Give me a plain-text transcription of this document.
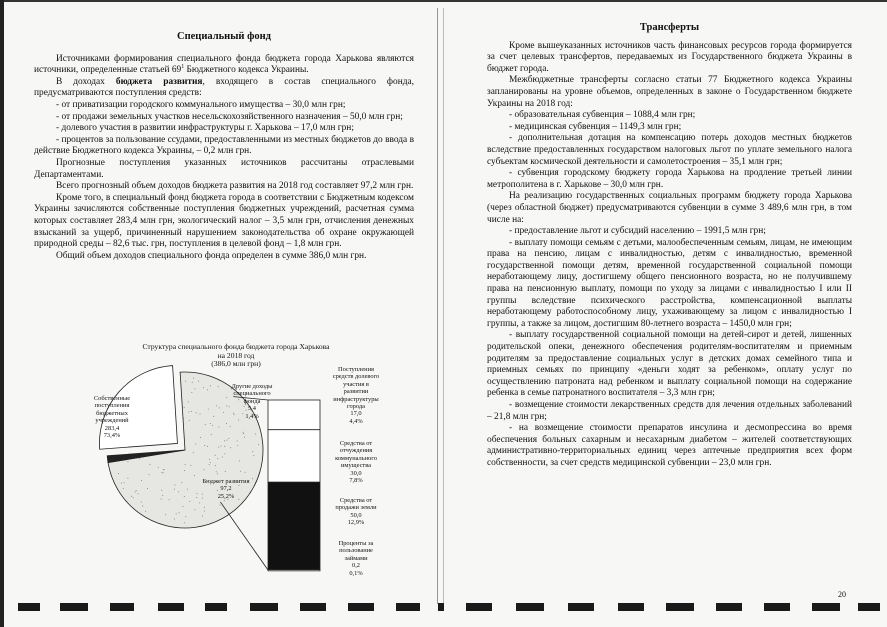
Специальный фонд

Источниками формирования специального фонда бюджета города Харькова являются источники, определенные статьей $69^1$ Бюджетного кодекса Украины.

В доходах бюджета развития, входящего в состав специального фонда, предусматриваются поступления средств:

- от приватизации городского коммунального имущества – 30,0 млн грн;

- от продажи земельных участков несельскохозяйственного назначения – 50,0 млн грн;

- долевого участия в развитии инфраструктуры г. Харькова – 17,0 млн грн;

- процентов за пользование ссудами, предоставленными из местных бюджетов до ввода в действие Бюджетного кодекса Украины, – 0,2 млн грн.

Прогнозные поступления указанных источников рассчитаны отраслевыми Департаментами.

Всего прогнозный объем доходов бюджета развития на 2018 год составляет 97,2 млн грн.

Кроме того, в специальный фонд бюджета города в соответствии с Бюджетным кодексом Украины зачисляются собственные поступления бюджетных учреждений, расчетная сумма которых составляет 283,4 млн грн, экологический налог – 3,5 млн грн, отчисления денежных взысканий за ущерб, причиненный нарушением законодательства об охране окружающей природной среды – 82,6 тыс. грн, поступления в целевой фонд – 1,8 млн грн.

Общий объем доходов специального фонда определен в сумме 386,0 млн грн.

Структура специального фонда бюджета города Харькова
на 2018 год
(386,0 млн грн)
Собственные
поступления
бюджетных
учреждений
283,4
73,4%
Другие доходы
специального
фонда
5,4
1,4%
Бюджет развития
97,2
25,2%
Поступления
средств долевого
участия в
развитии
инфраструктуры
города
17,0
4,4%
Средства от
отчуждения
коммунального
имущества
30,0
7,8%
Средства от
продажи земли
50,0
12,9%
Проценты за
пользование
займами
0,2
0,1%
Трансферты

Кроме вышеуказанных источников часть финансовых ресурсов города формируется за счет целевых трансфертов, передаваемых из Государственного бюджета Украины в бюджет города.

Межбюджетные трансферты согласно статьи 77 Бюджетного кодекса Украины запланированы на уровне объемов, определенных в законе о Государственном бюджете Украины на 2018 год:

- образовательная субвенция – 1088,4 млн грн;

- медицинская субвенция – 1149,3 млн грн;

- дополнительная дотация на компенсацию потерь доходов местных бюджетов вследствие предоставленных государством налоговых льгот по уплате земельного налога субъектам космической деятельности и самолетостроения – 35,1 млн грн;

- субвенция городскому бюджету города Харькова на продление третьей линии метрополитена в г. Харькове – 30,0 млн грн.

На реализацию государственных социальных программ бюджету города Харькова (через областной бюджет) предусматриваются субвенции в сумме 3 489,6 млн грн, в том числе на:

- предоставление льгот и субсидий населению – 1991,5 млн грн;

- выплату помощи семьям с детьми, малообеспеченным семьям, лицам, не имеющим права на пенсию, лицам с инвалидностью, детям с инвалидностью, временной государственной помощи детям, временной государственной социальной помощи неработающему лицу, достигшему общего пенсионного возраста, но не получившему права на пенсионную выплату, помощи по уходу за лицами с инвалидностью I или II группы вследствие психического расстройства, компенсационной выплаты неработающему работоспособному лицу, ухаживающему за лицом с инвалидностью I группы, а также за лицом, достигшим 80-летнего возраста – 1450,0 млн грн;

- выплату государственной социальной помощи на детей-сирот и детей, лишенных родительской опеки, денежного обеспечения родителям-воспитателям и приемным родителям за предоставление социальных услуг в детских домах семейного типа и приемных семьях по принципу «деньги ходят за ребенком», оплату услуг по осуществлению патроната над ребенком и выплату социальной помощи на содержание ребенка в семье патронатного воспитателя – 3,3 млн грн;

- возмещение стоимости лекарственных средств для лечения отдельных заболеваний – 21,8 млн грн;

- на возмещение стоимости препаратов инсулина и десмопрессина во время обеспечения больных сахарным и несахарным диабетом – жителей соответствующих административно-территориальных единиц через аптечные предприятия всех форм собственности, за счет средств медицинской субвенции – 23,0 млн грн.

20
